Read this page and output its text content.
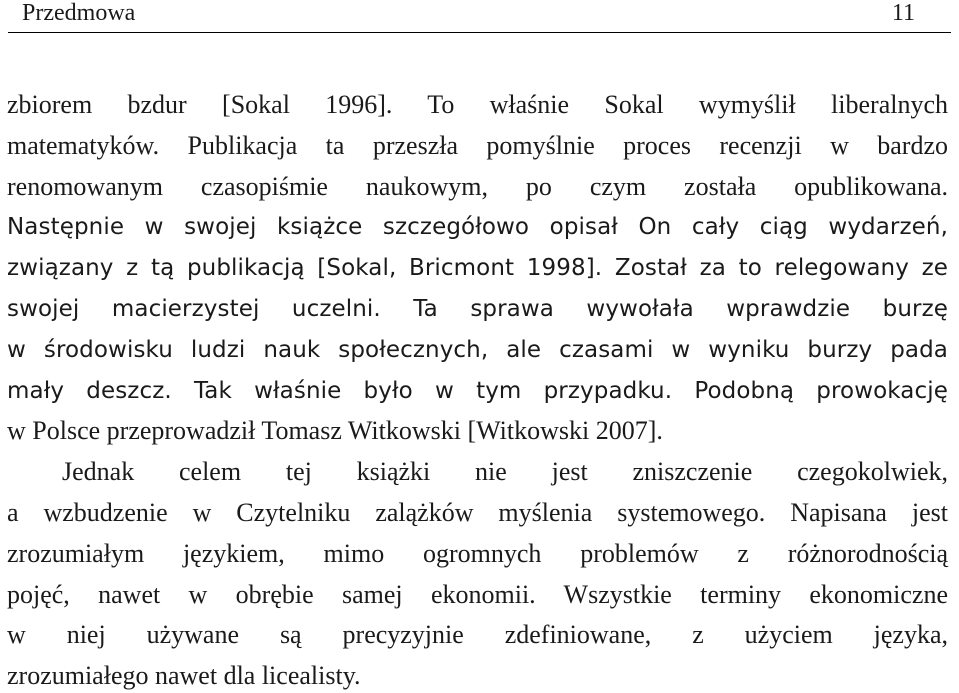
Przedmowa	11
zbiorem bzdur [Sokal 1996]. To właśnie Sokal wymyślił liberalnych
matematyków. Publikacja ta przeszła pomyślnie proces recenzji w bardzo
renomowanym czasopiśmie naukowym, po czym została opublikowana.
Następnie w swojej książce szczegółowo opisał On cały ciąg wydarzeń,
związany z tą publikacją [Sokal, Bricmont 1998]. Został za to relegowany ze
swojej macierzystej uczelni. Ta sprawa wywołała wprawdzie burzę
w środowisku ludzi nauk społecznych, ale czasami w wyniku burzy pada
mały deszcz. Tak właśnie było w tym przypadku. Podobną prowokację
w Polsce przeprowadził Tomasz Witkowski [Witkowski 2007].
Jednak celem tej książki nie jest zniszczenie czegokolwiek,
a wzbudzenie w Czytelniku zalążków myślenia systemowego. Napisana jest
zrozumiałym językiem, mimo ogromnych problemów z różnorodnością
pojęć, nawet w obrębie samej ekonomii. Wszystkie terminy ekonomiczne
w niej używane są precyzyjnie zdefiniowane, z użyciem języka,
zrozumiałego nawet dla licealisty.
